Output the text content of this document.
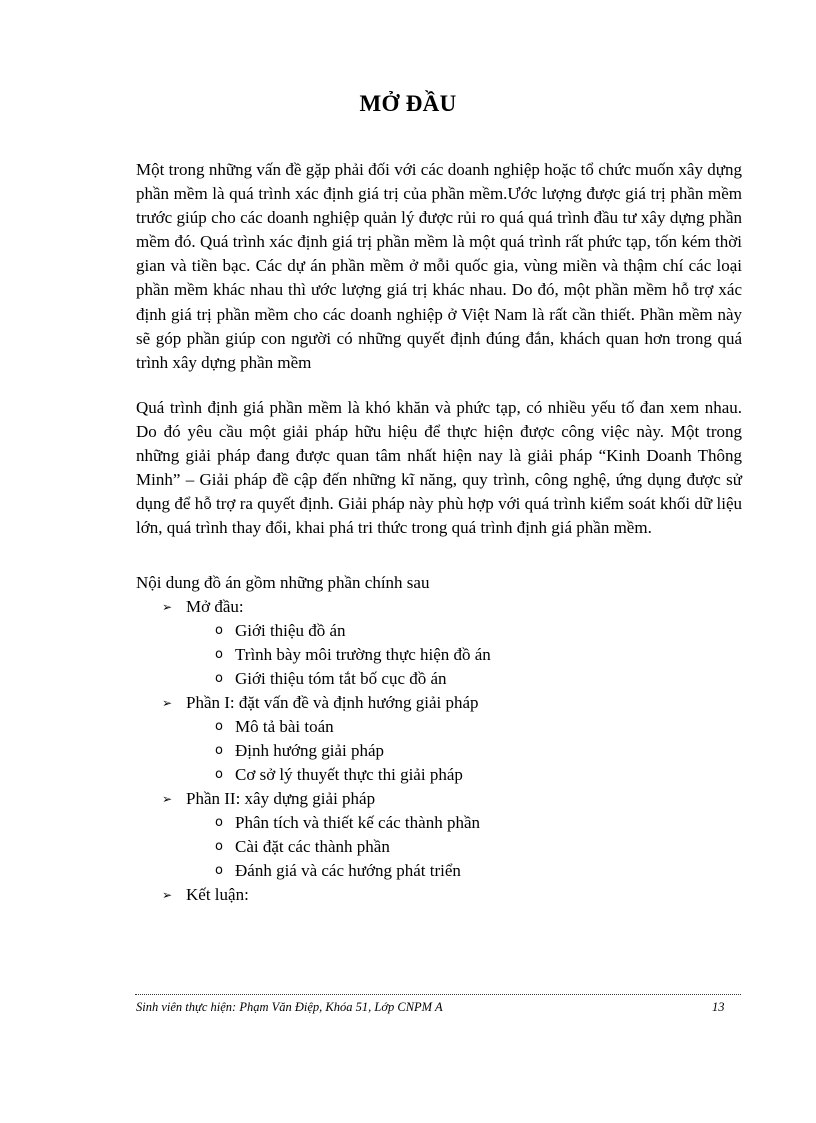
MỞ ĐẦU

Một trong những vấn đề gặp phải đối với các doanh nghiệp hoặc tổ chức muốn xây dựng phần mềm là quá trình xác định giá trị của phần mềm.Ước lượng được giá trị phần mềm trước giúp cho các doanh nghiệp quản lý được rủi ro quá quá trình đầu tư xây dựng phần mềm đó. Quá trình xác định giá trị phần mềm là một quá trình rất phức tạp, tốn kém thời gian và tiền bạc. Các dự án phần mềm ở mỗi quốc gia, vùng miền và thậm chí các loại phần mềm khác nhau thì ước lượng giá trị khác nhau. Do đó, một phần mềm hỗ trợ xác định giá trị phần mềm cho các doanh nghiệp ở Việt Nam là rất cần thiết. Phần mềm này sẽ góp phần giúp con người có những quyết định đúng đắn, khách quan hơn trong quá trình xây dựng phần mềm

Quá trình định giá phần mềm là khó khăn và phức tạp, có nhiều yếu tố đan xem nhau. Do đó yêu cầu một giải pháp hữu hiệu để thực hiện được công việc này. Một trong những giải pháp đang được quan tâm nhất hiện nay là giải pháp “Kinh Doanh Thông Minh” – Giải pháp đề cập đến những kĩ năng, quy trình, công nghệ, ứng dụng được sử dụng để hỗ trợ ra quyết định. Giải pháp này phù hợp với quá trình kiểm soát khối dữ liệu lớn, quá trình thay đổi, khai phá tri thức trong quá trình định giá phần mềm.

Nội dung đồ án gồm những phần chính sau
➢ Mở đầu:
o Giới thiệu đồ án
o Trình bày môi trường thực hiện đồ án
o Giới thiệu tóm tắt bố cục đồ án
➢ Phần I: đặt vấn đề và định hướng giải pháp
o Mô tả bài toán
o Định hướng giải pháp
o Cơ sở lý thuyết thực thi giải pháp
➢ Phần II: xây dựng giải pháp
o Phân tích và thiết kế các thành phần
o Cài đặt các thành phần
o Đánh giá và các hướng phát triển
➢ Kết luận:
Sinh viên thực hiện: Phạm Văn Điệp, Khóa 51, Lớp CNPM A	13
